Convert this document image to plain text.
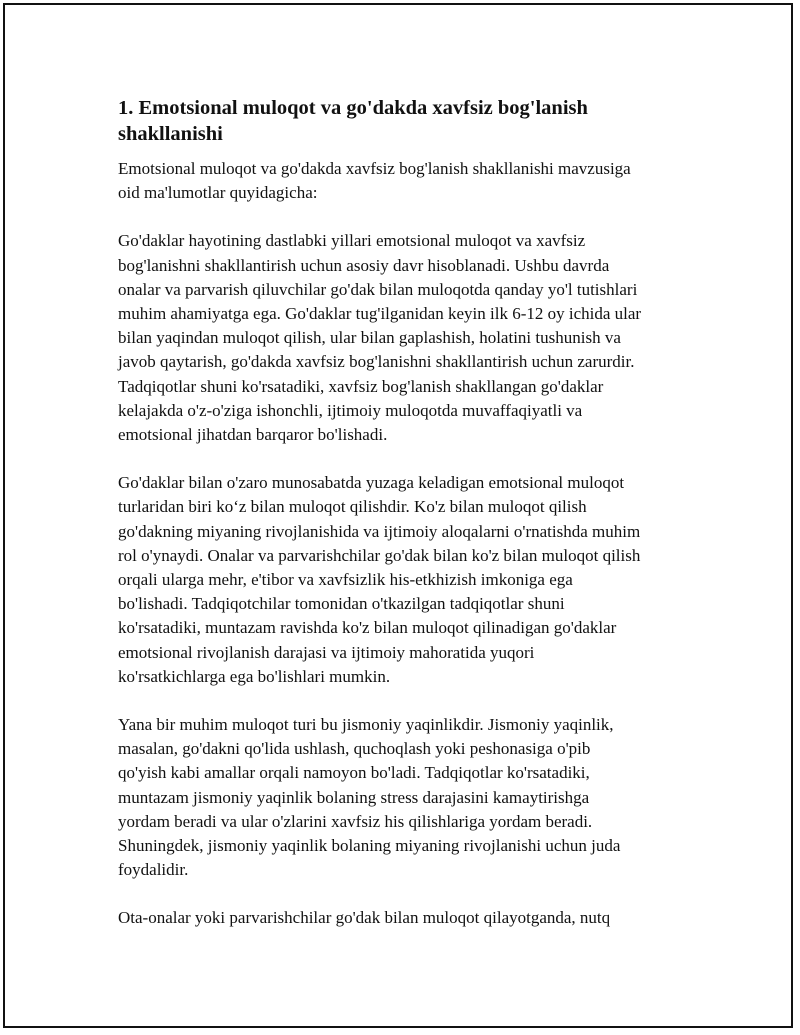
1. Emotsional muloqot va go'dakda xavfsiz bog'lanish
shakllanishi

Emotsional muloqot va go'dakda xavfsiz bog'lanish shakllanishi mavzusiga
oid ma'lumotlar quyidagicha:

Go'daklar hayotining dastlabki yillari emotsional muloqot va xavfsiz
bog'lanishni shakllantirish uchun asosiy davr hisoblanadi. Ushbu davrda
onalar va parvarish qiluvchilar go'dak bilan muloqotda qanday yo'l tutishlari
muhim ahamiyatga ega. Go'daklar tug'ilganidan keyin ilk 6-12 oy ichida ular
bilan yaqindan muloqot qilish, ular bilan gaplashish, holatini tushunish va
javob qaytarish, go'dakda xavfsiz bog'lanishni shakllantirish uchun zarurdir.
Tadqiqotlar shuni ko'rsatadiki, xavfsiz bog'lanish shakllangan go'daklar
kelajakda o'z-o'ziga ishonchli, ijtimoiy muloqotda muvaffaqiyatli va
emotsional jihatdan barqaror bo'lishadi.

Go'daklar bilan o'zaro munosabatda yuzaga keladigan emotsional muloqot
turlaridan biri ko‘z bilan muloqot qilishdir. Ko'z bilan muloqot qilish
go'dakning miyaning rivojlanishida va ijtimoiy aloqalarni o'rnatishda muhim
rol o'ynaydi. Onalar va parvarishchilar go'dak bilan ko'z bilan muloqot qilish
orqali ularga mehr, e'tibor va xavfsizlik his-etkhizish imkoniga ega
bo'lishadi. Tadqiqotchilar tomonidan o'tkazilgan tadqiqotlar shuni
ko'rsatadiki, muntazam ravishda ko'z bilan muloqot qilinadigan go'daklar
emotsional rivojlanish darajasi va ijtimoiy mahoratida yuqori
ko'rsatkichlarga ega bo'lishlari mumkin.

Yana bir muhim muloqot turi bu jismoniy yaqinlikdir. Jismoniy yaqinlik,
masalan, go'dakni qo'lida ushlash, quchoqlash yoki peshonasiga o'pib
qo'yish kabi amallar orqali namoyon bo'ladi. Tadqiqotlar ko'rsatadiki,
muntazam jismoniy yaqinlik bolaning stress darajasini kamaytirishga
yordam beradi va ular o'zlarini xavfsiz his qilishlariga yordam beradi.
Shuningdek, jismoniy yaqinlik bolaning miyaning rivojlanishi uchun juda
foydalidir.

Ota-onalar yoki parvarishchilar go'dak bilan muloqot qilayotganda, nutq
